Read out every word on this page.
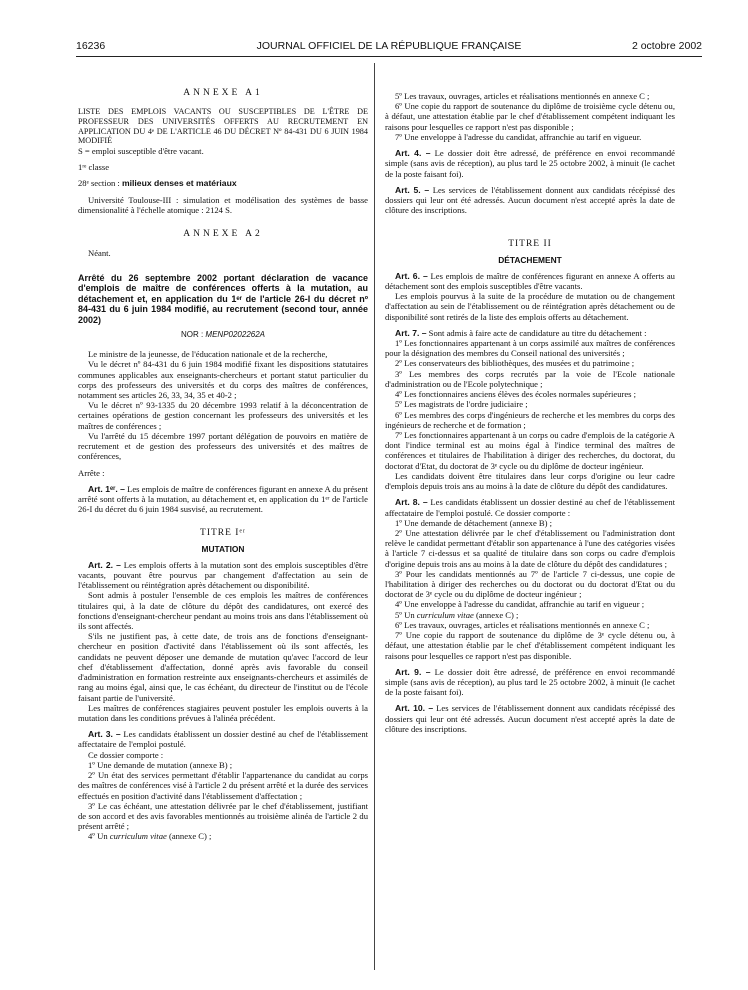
16236	JOURNAL OFFICIEL DE LA RÉPUBLIQUE FRANÇAISE	2 octobre 2002
ANNEXE A1

LISTE DES EMPLOIS VACANTS OU SUSCEPTIBLES DE L'ÊTRE DE PROFESSEUR DES UNIVERSITÉS OFFERTS AU RECRUTEMENT EN APPLICATION DU 4ᵉ DE L'ARTICLE 46 DU DÉCRET Nº 84-431 DU 6 JUIN 1984 MODIFIÉ

S = emploi susceptible d'être vacant.

1ʳᵉ classe

28ᵉ section : milieux denses et matériaux

Université Toulouse-III : simulation et modélisation des systèmes de basse dimensionalité à l'échelle atomique : 2124 S.

ANNEXE A2

Néant.

Arrêté du 26 septembre 2002 portant déclaration de vacance d'emplois de maître de conférences offerts à la mutation, au détachement et, en application du 1ᵉʳ de l'article 26-I du décret nº 84-431 du 6 juin 1984 modifié, au recrutement (second tour, année 2002)
NOR : MENP0202262A

Le ministre de la jeunesse, de l'éducation nationale et de la recherche,

Vu le décret nº 84-431 du 6 juin 1984 modifié fixant les dispositions statutaires communes applicables aux enseignants-chercheurs et portant statut particulier du corps des professeurs des universités et du corps des maîtres de conférences, notamment ses articles 26, 33, 34, 35 et 40-2 ;

Vu le décret nº 93-1335 du 20 décembre 1993 relatif à la déconcentration de certaines opérations de gestion concernant les professeurs des universités et les maîtres de conférences ;

Vu l'arrêté du 15 décembre 1997 portant délégation de pouvoirs en matière de recrutement et de gestion des professeurs des universités et des maîtres de conférences,

Arrête :

Art. 1ᵉʳ. – Les emplois de maître de conférences figurant en annexe A du présent arrêté sont offerts à la mutation, au détachement et, en application du 1ᵉʳ de l'article 26-I du décret du 6 juin 1984 susvisé, au recrutement.

TITRE Iᵉʳ
MUTATION

Art. 2. – Les emplois offerts à la mutation sont des emplois susceptibles d'être vacants, pouvant être pourvus par changement d'affectation au sein de l'établissement ou réintégration après détachement ou disponibilité.

Sont admis à postuler l'ensemble de ces emplois les maîtres de conférences titulaires qui, à la date de clôture du dépôt des candidatures, ont exercé des fonctions d'enseignant-chercheur pendant au moins trois ans dans l'établissement où ils sont affectés.

S'ils ne justifient pas, à cette date, de trois ans de fonctions d'enseignant-chercheur en position d'activité dans l'établissement où ils sont affectés, les candidats ne peuvent déposer une demande de mutation qu'avec l'accord de leur chef d'établissement d'affectation, donné après avis favorable du conseil d'administration en formation restreinte aux enseignants-chercheurs et assimilés de rang au moins égal, ainsi que, le cas échéant, du directeur de l'institut ou de l'école faisant partie de l'université.

Les maîtres de conférences stagiaires peuvent postuler les emplois ouverts à la mutation dans les conditions prévues à l'alinéa précédent.

Art. 3. – Les candidats établissent un dossier destiné au chef de l'établissement affectataire de l'emploi postulé.

Ce dossier comporte :

1º Une demande de mutation (annexe B) ;

2º Un état des services permettant d'établir l'appartenance du candidat au corps des maîtres de conférences visé à l'article 2 du présent arrêté et la durée des services effectués en position d'activité dans l'établissement d'affectation ;

3º Le cas échéant, une attestation délivrée par le chef d'établissement, justifiant de son accord et des avis favorables mentionnés au troisième alinéa de l'article 2 du présent arrêté ;

4º Un curriculum vitae (annexe C) ;

5º Les travaux, ouvrages, articles et réalisations mentionnés en annexe C ;

6º Une copie du rapport de soutenance du diplôme de troisième cycle détenu ou, à défaut, une attestation établie par le chef d'établissement compétent indiquant les raisons pour lesquelles ce rapport n'est pas disponible ;

7º Une enveloppe à l'adresse du candidat, affranchie au tarif en vigueur.

Art. 4. – Le dossier doit être adressé, de préférence en envoi recommandé simple (sans avis de réception), au plus tard le 25 octobre 2002, à minuit (le cachet de la poste faisant foi).

Art. 5. – Les services de l'établissement donnent aux candidats récépissé des dossiers qui leur ont été adressés. Aucun document n'est accepté après la date de clôture des inscriptions.

TITRE II
DÉTACHEMENT

Art. 6. – Les emplois de maître de conférences figurant en annexe A offerts au détachement sont des emplois susceptibles d'être vacants.

Les emplois pourvus à la suite de la procédure de mutation ou de changement d'affectation au sein de l'établissement ou de réintégration après détachement ou de disponibilité sont retirés de la liste des emplois offerts au détachement.

Art. 7. – Sont admis à faire acte de candidature au titre du détachement :

1º Les fonctionnaires appartenant à un corps assimilé aux maîtres de conférences pour la désignation des membres du Conseil national des universités ;

2º Les conservateurs des bibliothèques, des musées et du patrimoine ;

3º Les membres des corps recrutés par la voie de l'Ecole nationale d'administration ou de l'Ecole polytechnique ;

4º Les fonctionnaires anciens élèves des écoles normales supérieures ;

5º Les magistrats de l'ordre judiciaire ;

6º Les membres des corps d'ingénieurs de recherche et les membres du corps des ingénieurs de recherche et de formation ;

7º Les fonctionnaires appartenant à un corps ou cadre d'emplois de la catégorie A dont l'indice terminal est au moins égal à l'indice terminal des maîtres de conférences et titulaires de l'habilitation à diriger des recherches, du doctorat, du doctorat d'Etat, du doctorat de 3ᵉ cycle ou du diplôme de docteur ingénieur.

Les candidats doivent être titulaires dans leur corps d'origine ou leur cadre d'emplois depuis trois ans au moins à la date de clôture du dépôt des candidatures.

Art. 8. – Les candidats établissent un dossier destiné au chef de l'établissement affectataire de l'emploi postulé. Ce dossier comporte :

1º Une demande de détachement (annexe B) ;

2º Une attestation délivrée par le chef d'établissement ou l'administration dont relève le candidat permettant d'établir son appartenance à l'une des catégories visées à l'article 7 ci-dessus et sa qualité de titulaire dans son corps ou cadre d'emplois d'origine depuis trois ans au moins à la date de clôture du dépôt des candidatures ;

3º Pour les candidats mentionnés au 7º de l'article 7 ci-dessus, une copie de l'habilitation à diriger des recherches ou du doctorat ou du doctorat d'Etat ou du doctorat de 3ᵉ cycle ou du diplôme de docteur ingénieur ;

4º Une enveloppe à l'adresse du candidat, affranchie au tarif en vigueur ;

5º Un curriculum vitae (annexe C) ;

6º Les travaux, ouvrages, articles et réalisations mentionnés en annexe C ;

7º Une copie du rapport de soutenance du diplôme de 3ᵉ cycle détenu ou, à défaut, une attestation établie par le chef d'établissement compétent indiquant les raisons pour lesquelles ce rapport n'est pas disponible.

Art. 9. – Le dossier doit être adressé, de préférence en envoi recommandé simple (sans avis de réception), au plus tard le 25 octobre 2002, à minuit (le cachet de la poste faisant foi).

Art. 10. – Les services de l'établissement donnent aux candidats récépissé des dossiers qui leur ont été adressés. Aucun document n'est accepté après la date de clôture des inscriptions.
